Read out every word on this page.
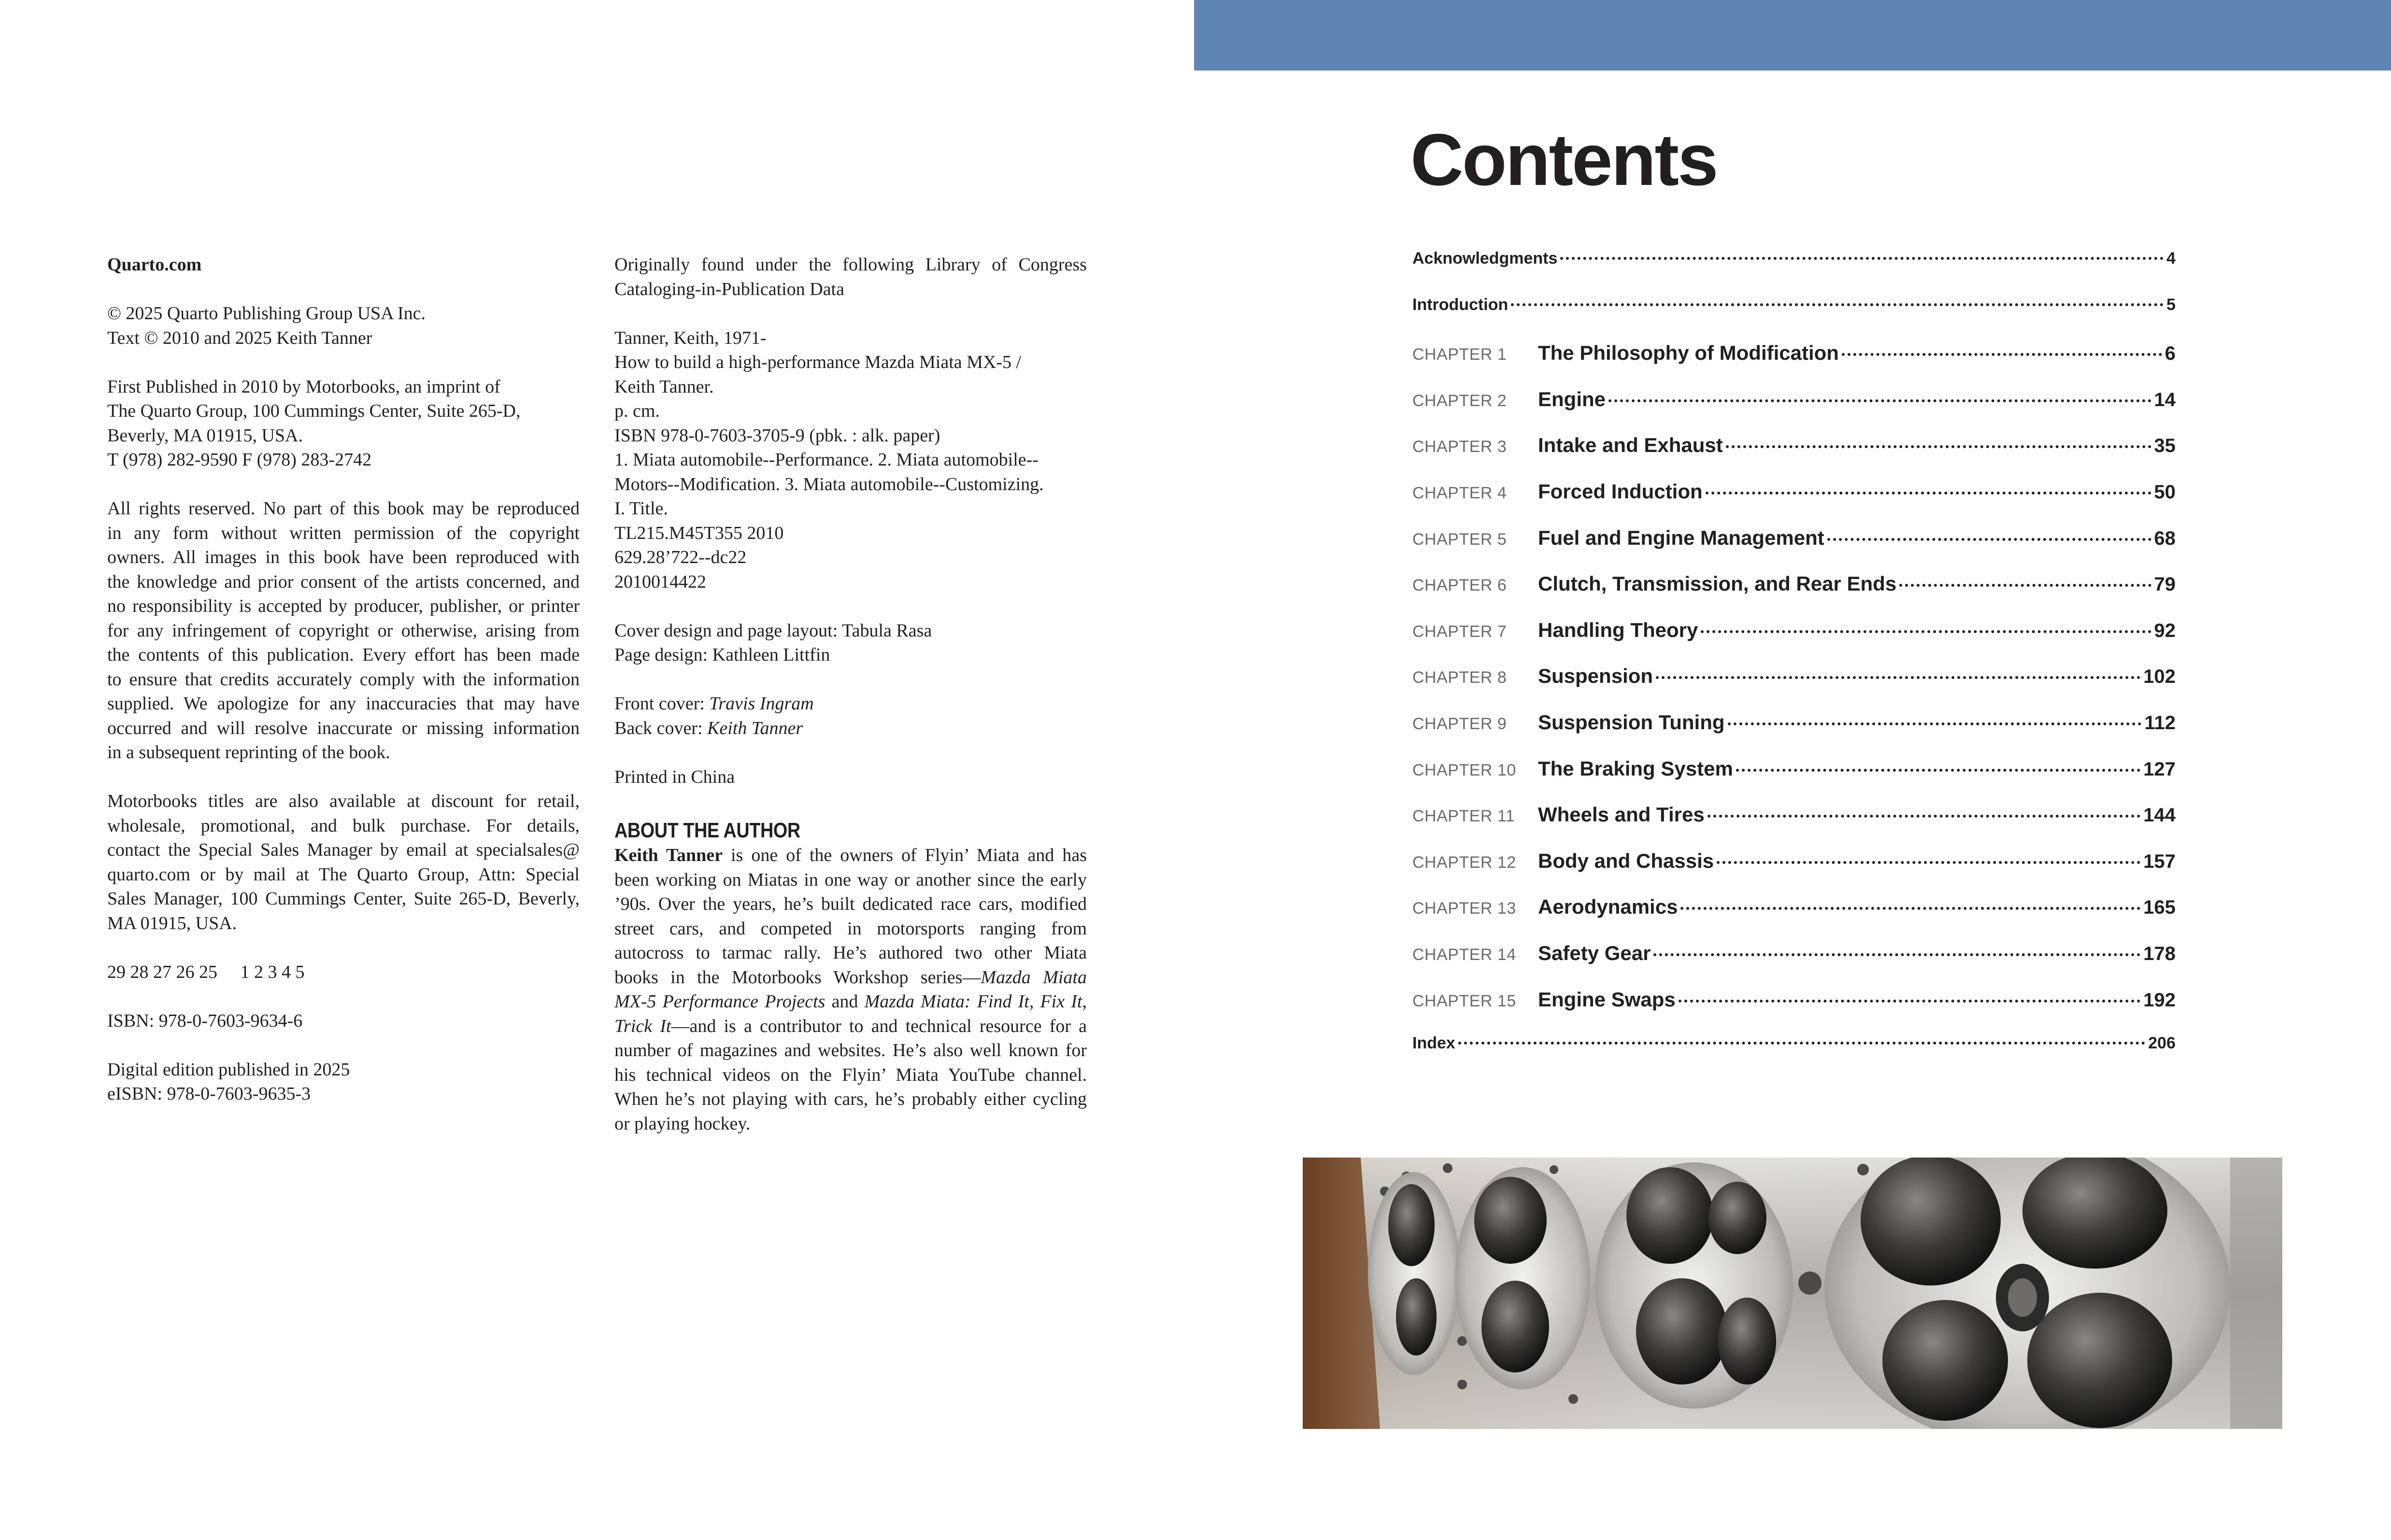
Quarto.com
© 2025 Quarto Publishing Group USA Inc.
Text © 2010 and 2025 Keith Tanner
First Published in 2010 by Motorbooks, an imprint of
The Quarto Group, 100 Cummings Center, Suite 265-D,
Beverly, MA 01915, USA.
T (978) 282-9590 F (978) 283-2742
All rights reserved. No part of this book may be reproduced
in any form without written permission of the copyright
owners. All images in this book have been reproduced with
the knowledge and prior consent of the artists concerned, and
no responsibility is accepted by producer, publisher, or printer
for any infringement of copyright or otherwise, arising from
the contents of this publication. Every effort has been made
to ensure that credits accurately comply with the information
supplied. We apologize for any inaccuracies that may have
occurred and will resolve inaccurate or missing information
in a subsequent reprinting of the book.
Motorbooks titles are also available at discount for retail,
wholesale, promotional, and bulk purchase. For details,
contact the Special Sales Manager by email at specialsales@
quarto.com or by mail at The Quarto Group, Attn: Special
Sales Manager, 100 Cummings Center, Suite 265-D, Beverly,
MA 01915, USA.
29 28 27 26 25     1 2 3 4 5
ISBN: 978-0-7603-9634-6
Digital edition published in 2025
eISBN: 978-0-7603-9635-3
Originally found under the following Library of Congress
Cataloging-in-Publication Data
Tanner, Keith, 1971-
How to build a high-performance Mazda Miata MX-5 /
Keith Tanner.
p. cm.
ISBN 978-0-7603-3705-9 (pbk. : alk. paper)
1. Miata automobile--Performance. 2. Miata automobile--
Motors--Modification. 3. Miata automobile--Customizing.
I. Title.
TL215.M45T355 2010
629.28’722--dc22
2010014422
Cover design and page layout: Tabula Rasa
Page design: Kathleen Littfin
Front cover: Travis Ingram
Back cover: Keith Tanner
Printed in China
ABOUT THE AUTHOR
Keith Tanner is one of the owners of Flyin’ Miata and has
been working on Miatas in one way or another since the early
’90s. Over the years, he’s built dedicated race cars, modified
street cars, and competed in motorsports ranging from
autocross to tarmac rally. He’s authored two other Miata
books in the Motorbooks Workshop series—Mazda Miata
MX-5 Performance Projects and Mazda Miata: Find It, Fix It,
Trick It—and is a contributor to and technical resource for a
number of magazines and websites. He’s also well known for
his technical videos on the Flyin’ Miata YouTube channel.
When he’s not playing with cars, he’s probably either cycling
or playing hockey.
Contents
Acknowledgments	4
Introduction	5
CHAPTER 1	The Philosophy of Modification	6
CHAPTER 2	Engine	14
CHAPTER 3	Intake and Exhaust	35
CHAPTER 4	Forced Induction	50
CHAPTER 5	Fuel and Engine Management	68
CHAPTER 6	Clutch, Transmission, and Rear Ends	79
CHAPTER 7	Handling Theory	92
CHAPTER 8	Suspension	102
CHAPTER 9	Suspension Tuning	112
CHAPTER 10	The Braking System	127
CHAPTER 11	Wheels and Tires	144
CHAPTER 12	Body and Chassis	157
CHAPTER 13	Aerodynamics	165
CHAPTER 14	Safety Gear	178
CHAPTER 15	Engine Swaps	192
Index	206
